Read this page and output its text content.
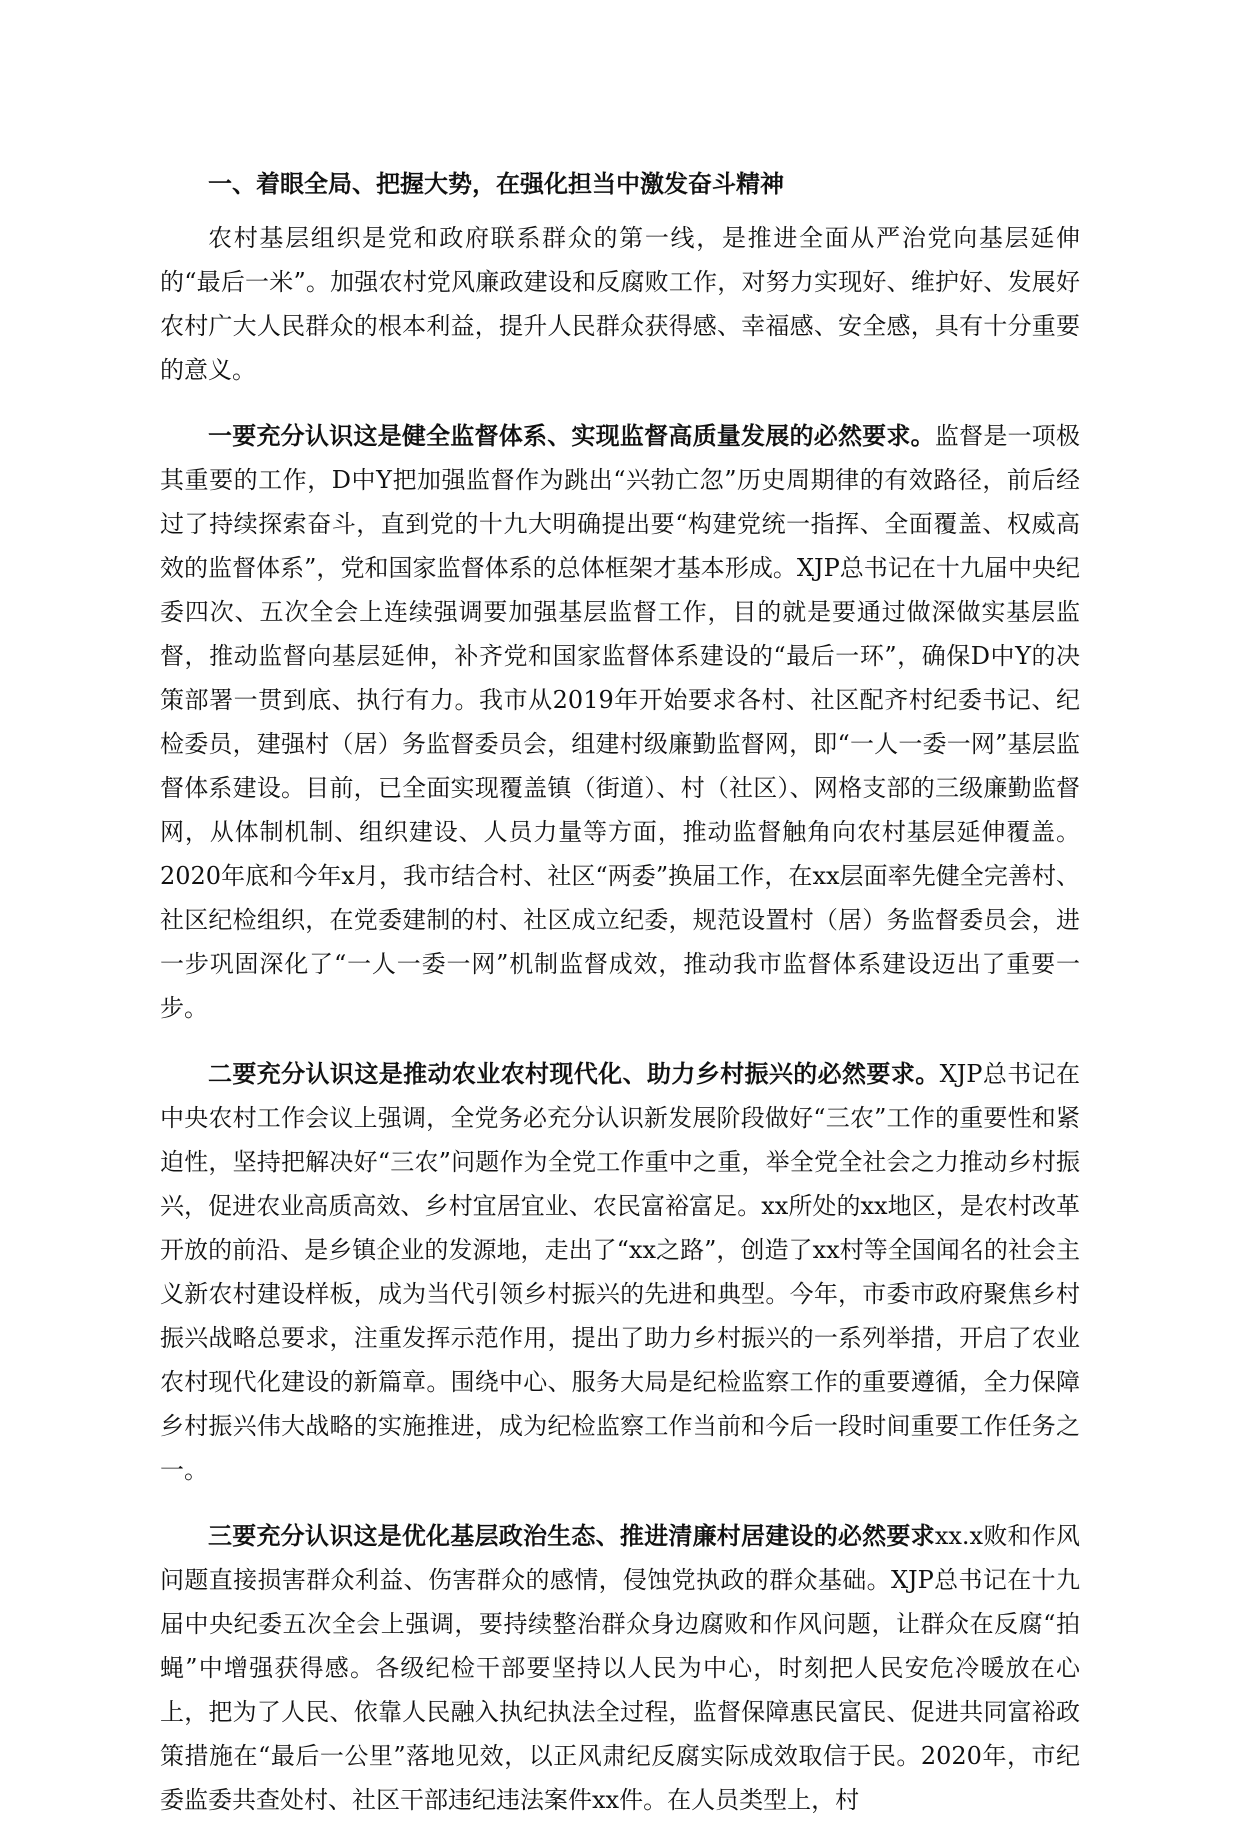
一、着眼全局、把握大势，在强化担当中激发奋斗精神

农村基层组织是党和政府联系群众的第一线，是推进全面从严治党向基层延伸的“最后一米”。加强农村党风廉政建设和反腐败工作，对努力实现好、维护好、发展好农村广大人民群众的根本利益，提升人民群众获得感、幸福感、安全感，具有十分重要的意义。

一要充分认识这是健全监督体系、实现监督高质量发展的必然要求。监督是一项极其重要的工作，D中Y把加强监督作为跳出“兴勃亡忽”历史周期律的有效路径，前后经过了持续探索奋斗，直到党的十九大明确提出要“构建党统一指挥、全面覆盖、权威高效的监督体系”，党和国家监督体系的总体框架才基本形成。XJP总书记在十九届中央纪委四次、五次全会上连续强调要加强基层监督工作，目的就是要通过做深做实基层监督，推动监督向基层延伸，补齐党和国家监督体系建设的“最后一环”，确保D中Y的决策部署一贯到底、执行有力。我市从2019年开始要求各村、社区配齐村纪委书记、纪检委员，建强村（居）务监督委员会，组建村级廉勤监督网，即“一人一委一网”基层监督体系建设。目前，已全面实现覆盖镇（街道）、村（社区）、网格支部的三级廉勤监督网，从体制机制、组织建设、人员力量等方面，推动监督触角向农村基层延伸覆盖。2020年底和今年x月，我市结合村、社区“两委”换届工作，在xx层面率先健全完善村、社区纪检组织，在党委建制的村、社区成立纪委，规范设置村（居）务监督委员会，进一步巩固深化了“一人一委一网”机制监督成效，推动我市监督体系建设迈出了重要一步。

二要充分认识这是推动农业农村现代化、助力乡村振兴的必然要求。XJP总书记在中央农村工作会议上强调，全党务必充分认识新发展阶段做好“三农”工作的重要性和紧迫性，坚持把解决好“三农”问题作为全党工作重中之重，举全党全社会之力推动乡村振兴，促进农业高质高效、乡村宜居宜业、农民富裕富足。xx所处的xx地区，是农村改革开放的前沿、是乡镇企业的发源地，走出了“xx之路”，创造了xx村等全国闻名的社会主义新农村建设样板，成为当代引领乡村振兴的先进和典型。今年，市委市政府聚焦乡村振兴战略总要求，注重发挥示范作用，提出了助力乡村振兴的一系列举措，开启了农业农村现代化建设的新篇章。围绕中心、服务大局是纪检监察工作的重要遵循，全力保障乡村振兴伟大战略的实施推进，成为纪检监察工作当前和今后一段时间重要工作任务之一。

三要充分认识这是优化基层政治生态、推进清廉村居建设的必然要求xx.x败和作风问题直接损害群众利益、伤害群众的感情，侵蚀党执政的群众基础。XJP总书记在十九届中央纪委五次全会上强调，要持续整治群众身边腐败和作风问题，让群众在反腐“拍蝇”中增强获得感。各级纪检干部要坚持以人民为中心，时刻把人民安危冷暖放在心上，把为了人民、依靠人民融入执纪执法全过程，监督保障惠民富民、促进共同富裕政策措施在“最后一公里”落地见效，以正风肃纪反腐实际成效取信于民。2020年，市纪委监委共查处村、社区干部违纪违法案件xx件。在人员类型上，村
